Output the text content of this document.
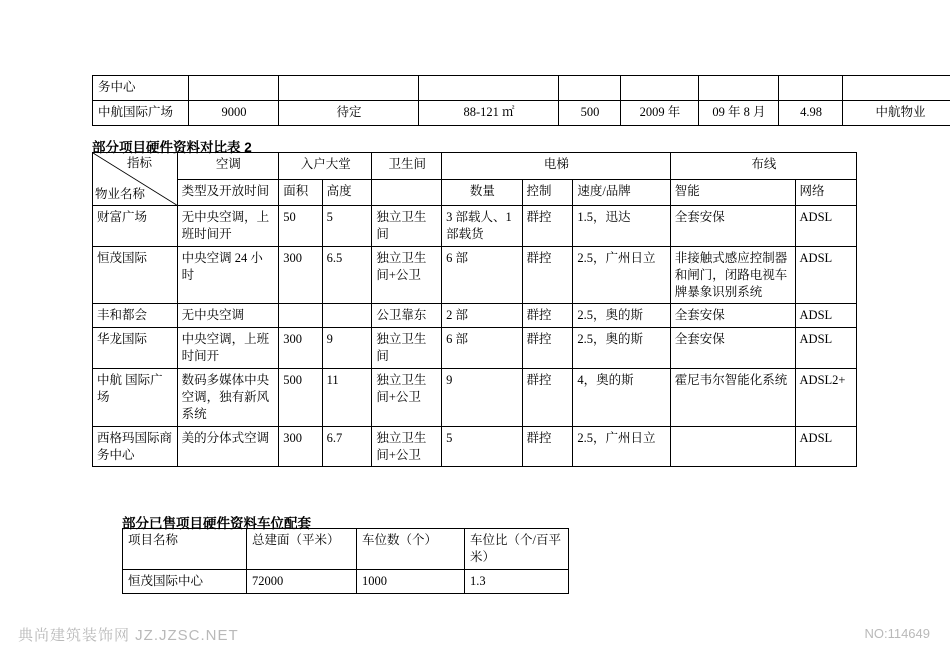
务中心								
中航国际广场	9000	待定	88-121 ㎡	500	2009 年	09 年 8 月	4.98	中航物业
部分项目硬件资料对比表 2
指标
物业名称	空调	入户大堂		卫生间	电梯			布线	
	类型及开放时间	面积	高度		数量	控制	速度/品牌	智能	网络
财富广场	无中央空调，上班时间开	50	5	独立卫生间	3 部载人、1 部载货	群控	1.5，迅达	全套安保	ADSL
恒茂国际	中央空调 24 小时	300	6.5	独立卫生间+公卫	6 部	群控	2.5，广州日立	非接触式感应控制器和闸门，闭路电视车牌暴象识别系统	ADSL
丰和都会	无中央空调			公卫靠东	2 部	群控	2.5，奥的斯	全套安保	ADSL
华龙国际	中央空调，上班时间开	300	9	独立卫生间	6 部	群控	2.5，奥的斯	全套安保	ADSL
中航 国际广场	数码多媒体中央空调，独有新风系统	500	11	独立卫生间+公卫	9	群控	4，奥的斯	霍尼韦尔智能化系统	ADSL2+
西格玛国际商务中心	美的分体式空调	300	6.7	独立卫生间+公卫	5	群控	2.5，广州日立		ADSL
部分已售项目硬件资料车位配套
项目名称	总建面（平米）	车位数（个）	车位比（个/百平米）
恒茂国际中心	72000	1000	1.3
典尚建筑装饰网 JZ.JZSC.NET	NO:114649
